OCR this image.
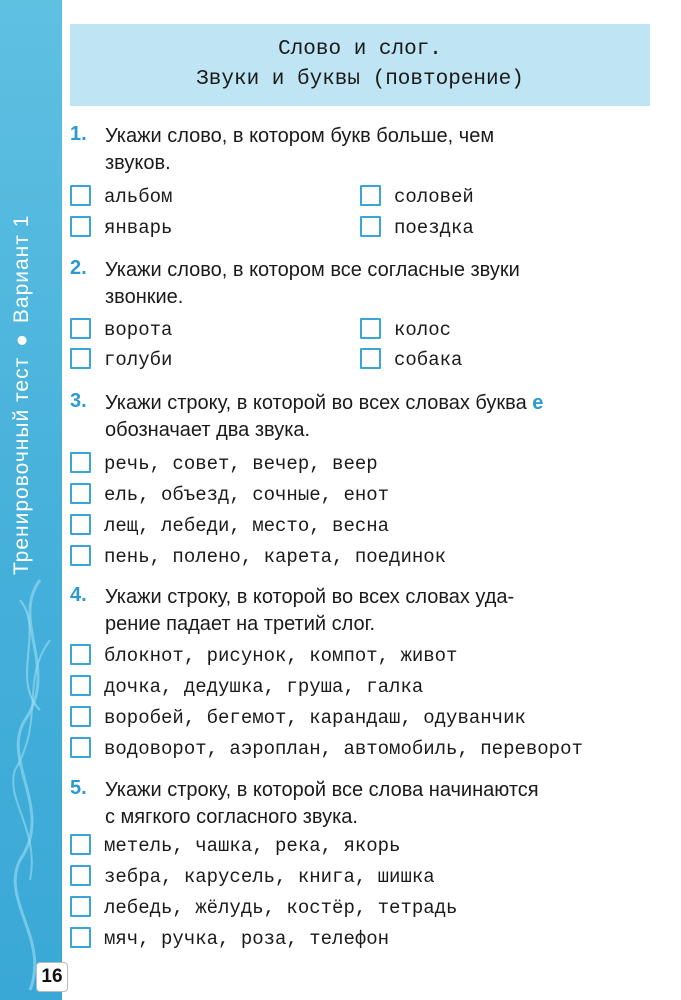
Тренировочный тест●Вариант 1
16
Слово и слог.
Звуки и буквы (повторение)
1. Укажи слово, в котором букв больше, чем
звуков.
альбом	соловей
январь	поездка
2. Укажи слово, в котором все согласные звуки
звонкие.
ворота	колос
голуби	собака
3. Укажи строку, в которой во всех словах буква е
обозначает два звука.
речь, совет, вечер, веер
ель, объезд, сочные, енот
лещ, лебеди, место, весна
пень, полено, карета, поединок
4. Укажи строку, в которой во всех словах уда-
рение падает на третий слог.
блокнот, рисунок, компот, живот
дочка, дедушка, груша, галка
воробей, бегемот, карандаш, одуванчик
водоворот, аэроплан, автомобиль, переворот
5. Укажи строку, в которой все слова начинаются
с мягкого согласного звука.
метель, чашка, река, якорь
зебра, карусель, книга, шишка
лебедь, жёлудь, костёр, тетрадь
мяч, ручка, роза, телефон
